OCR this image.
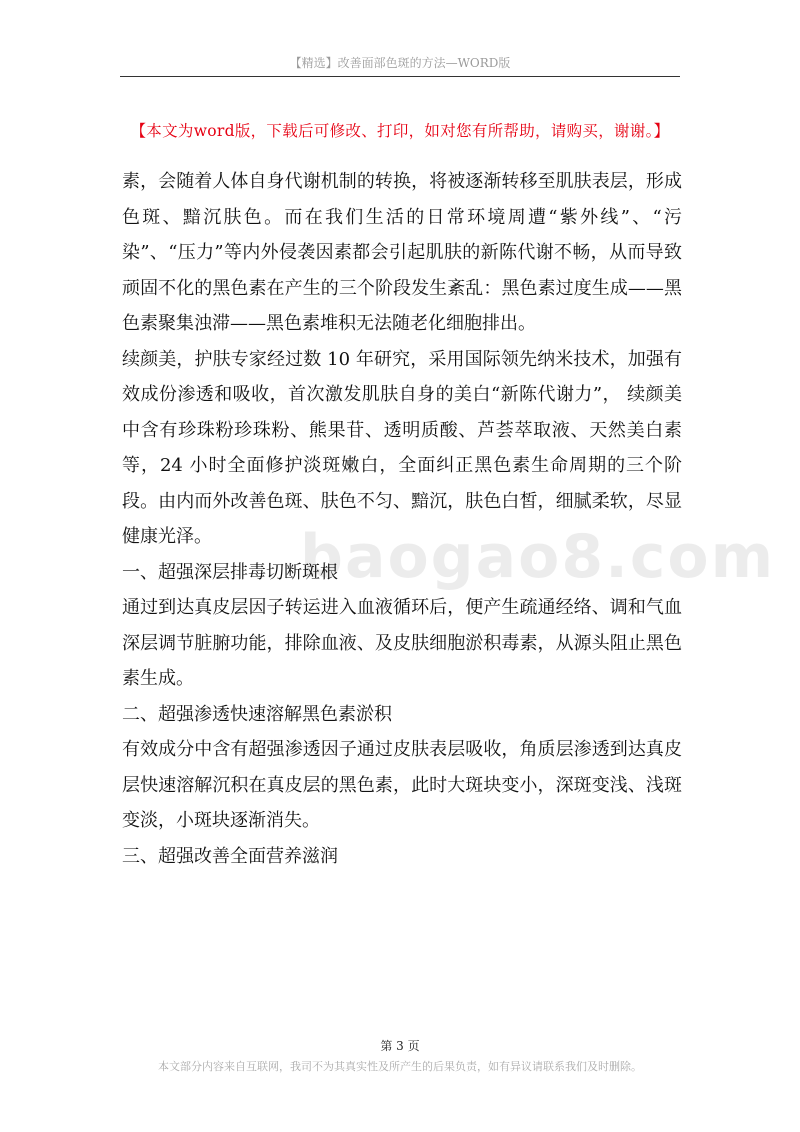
【精选】改善面部色斑的方法—WORD版
【本文为word版，下载后可修改、打印，如对您有所帮助，请购买，谢谢。】

素，会随着人体自身代谢机制的转换，将被逐渐转移至肌肤表层，形成色斑、黯沉肤色。而在我们生活的日常环境周遭“紫外线”、“污染”、“压力”等内外侵袭因素都会引起肌肤的新陈代谢不畅，从而导致顽固不化的黑色素在产生的三个阶段发生紊乱：黑色素过度生成——黑色素聚集浊滞——黑色素堆积无法随老化细胞排出。

续颜美，护肤专家经过数 10 年研究，采用国际领先纳米技术，加强有效成份渗透和吸收，首次激发肌肤自身的美白“新陈代谢力”， 续颜美中含有珍珠粉珍珠粉、熊果苷、透明质酸、芦荟萃取液、天然美白素等，24 小时全面修护淡斑嫩白，全面纠正黑色素生命周期的三个阶段。由内而外改善色斑、肤色不匀、黯沉，肤色白皙，细腻柔软，尽显健康光泽。

一、超强深层排毒切断斑根

通过到达真皮层因子转运进入血液循环后，便产生疏通经络、调和气血深层调节脏腑功能，排除血液、及皮肤细胞淤积毒素，从源头阻止黑色素生成。

二、超强渗透快速溶解黑色素淤积

有效成分中含有超强渗透因子通过皮肤表层吸收，角质层渗透到达真皮层快速溶解沉积在真皮层的黑色素，此时大斑块变小，深斑变浅、浅斑变淡，小斑块逐渐消失。

三、超强改善全面营养滋润

baogao8.com
第 3 页
本文部分内容来自互联网，我司不为其真实性及所产生的后果负责，如有异议请联系我们及时删除。
